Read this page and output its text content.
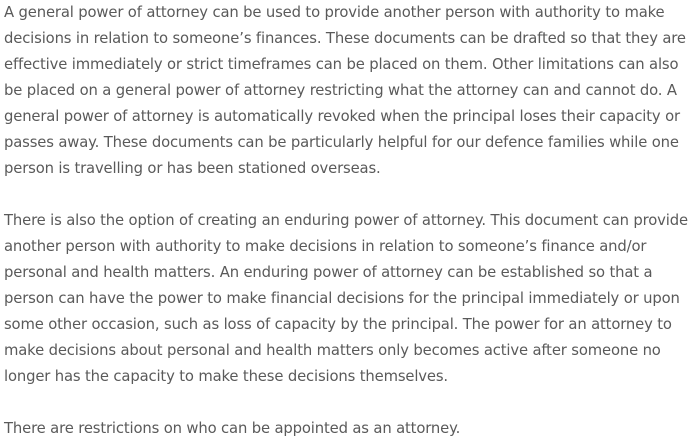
A general power of attorney can be used to provide another person with authority to make decisions in relation to someone’s finances. These documents can be drafted so that they are effective immediately or strict timeframes can be placed on them. Other limitations can also be placed on a general power of attorney restricting what the attorney can and cannot do. A general power of attorney is automatically revoked when the principal loses their capacity or passes away. These documents can be particularly helpful for our defence families while one person is travelling or has been stationed overseas.

There is also the option of creating an enduring power of attorney. This document can provide another person with authority to make decisions in relation to someone’s finance and/or personal and health matters. An enduring power of attorney can be established so that a person can have the power to make financial decisions for the principal immediately or upon some other occasion, such as loss of capacity by the principal. The power for an attorney to make decisions about personal and health matters only becomes active after someone no longer has the capacity to make these decisions themselves.

There are restrictions on who can be appointed as an attorney.
